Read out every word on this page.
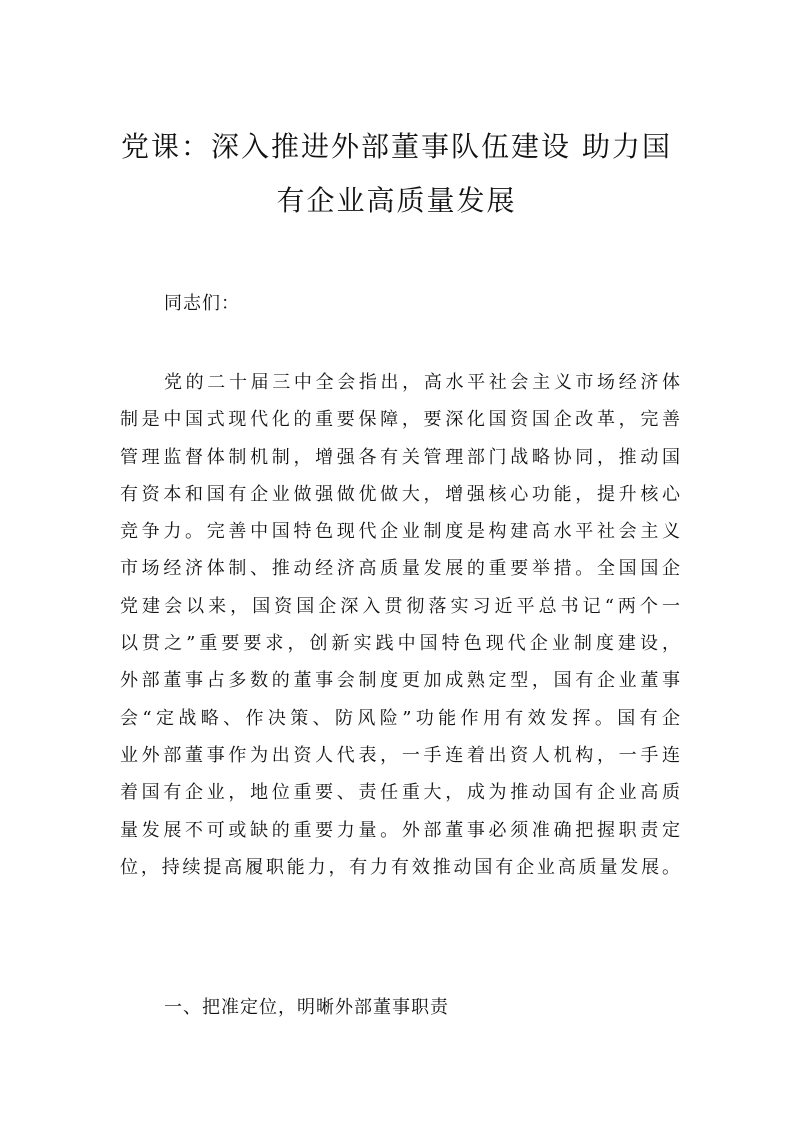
党课：深入推进外部董事队伍建设 助力国
有企业高质量发展

同志们：

党的二十届三中全会指出，高水平社会主义市场经济体
制是中国式现代化的重要保障，要深化国资国企改革，完善
管理监督体制机制，增强各有关管理部门战略协同，推动国
有资本和国有企业做强做优做大，增强核心功能，提升核心
竞争力。完善中国特色现代企业制度是构建高水平社会主义
市场经济体制、推动经济高质量发展的重要举措。全国国企
党建会以来，国资国企深入贯彻落实习近平总书记“两个一
以贯之”重要要求，创新实践中国特色现代企业制度建设，
外部董事占多数的董事会制度更加成熟定型，国有企业董事
会“定战略、作决策、防风险”功能作用有效发挥。国有企
业外部董事作为出资人代表，一手连着出资人机构，一手连
着国有企业，地位重要、责任重大，成为推动国有企业高质
量发展不可或缺的重要力量。外部董事必须准确把握职责定
位，持续提高履职能力，有力有效推动国有企业高质量发展。

一、把准定位，明晰外部董事职责
